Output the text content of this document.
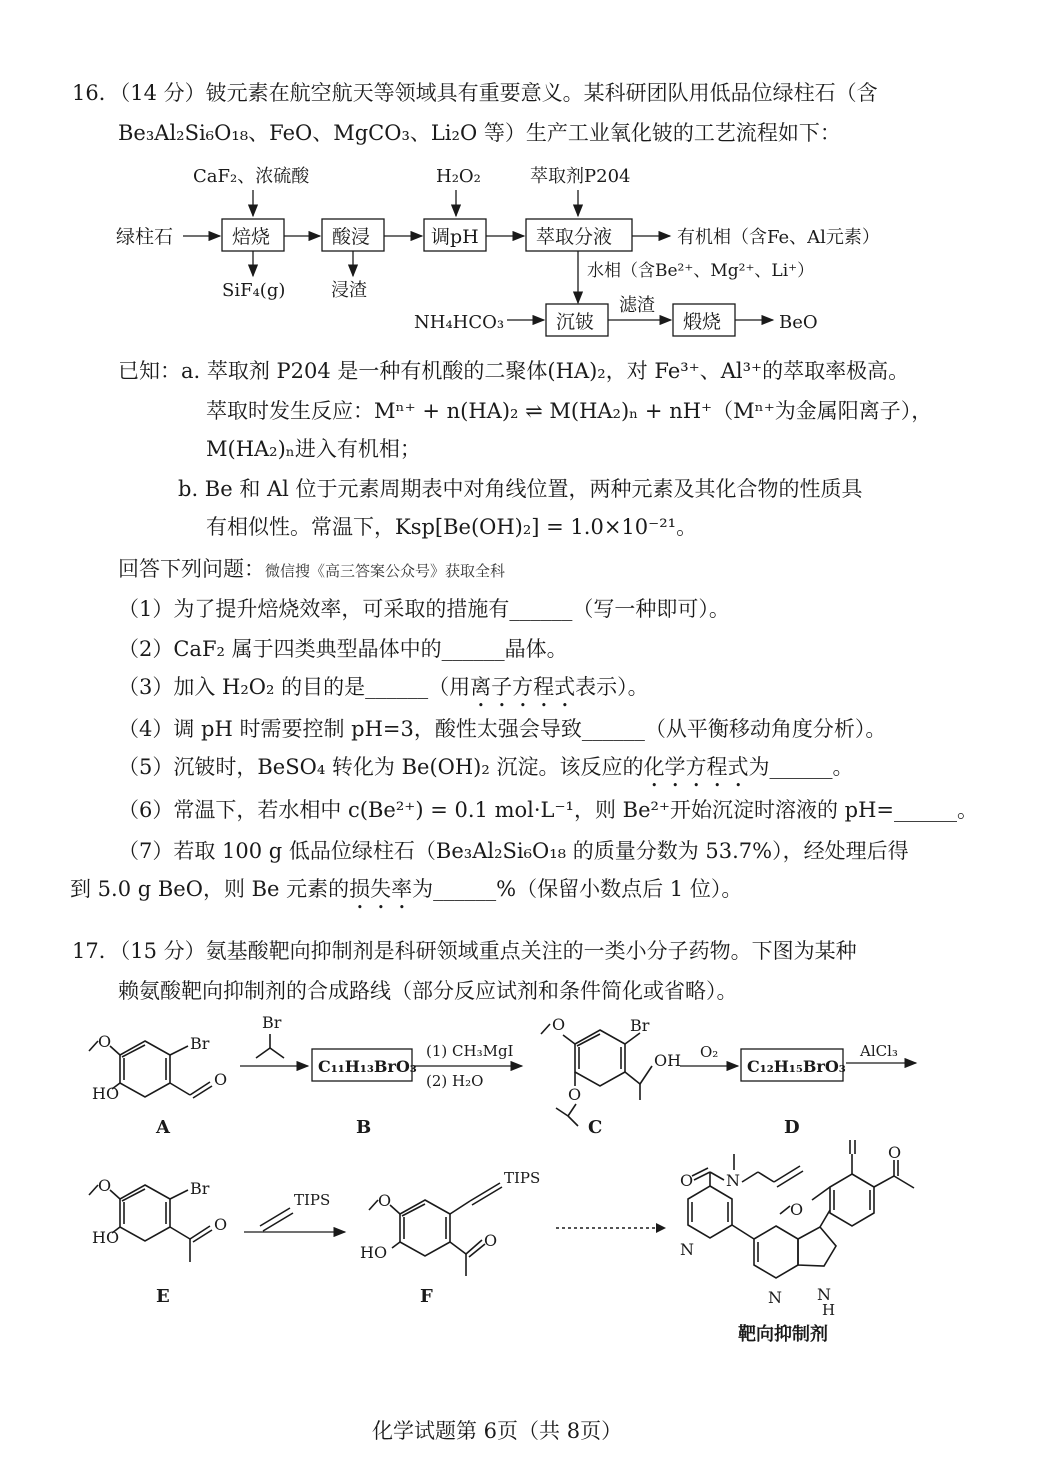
16．（14 分）铍元素在航空航天等领域具有重要意义。某科研团队用低品位绿柱石（含
Be₃Al₂Si₆O₁₈、FeO、MgCO₃、Li₂O 等）生产工业氧化铍的工艺流程如下：
CaF₂、浓硫酸	H₂O₂	萃取剂P204
绿柱石	焙烧	酸浸	调pH	萃取分液	有机相（含Fe、Al元素）
SiF₄(g)	浸渣
水相（含Be²⁺、Mg²⁺、Li⁺）
NH₄HCO₃	沉铍
滤渣
煅烧	BeO
Br
O
O
HO
A
Br
C₁₁H₁₃BrO₃
B
(1) CH₃MgI
(2) H₂O
Br
OH
O
O
C
O₂
C₁₂H₁₅BrO₃
D
AlCl₃
Br
O
O
HO
E
TIPS
TIPS
O
O
HO
F
N
O N
N N
H
O
O
靶向抑制剂
已知：a. 萃取剂 P204 是一种有机酸的二聚体(HA)₂，对 Fe³⁺、Al³⁺的萃取率极高。
萃取时发生反应：Mⁿ⁺ + n(HA)₂ ⇌ M(HA₂)ₙ + nH⁺（Mⁿ⁺为金属阳离子），
M(HA₂)ₙ进入有机相；
b. Be 和 Al 位于元素周期表中对角线位置，两种元素及其化合物的性质具
有相似性。常温下，Ksp[Be(OH)₂] = 1.0×10⁻²¹。
回答下列问题：微信搜《高三答案公众号》获取全科
（1）为了提升焙烧效率，可采取的措施有______（写一种即可）。
（2）CaF₂ 属于四类典型晶体中的______晶体。
（3）加入 H₂O₂ 的目的是______（用离子方程式表示）。
（4）调 pH 时需要控制 pH=3，酸性太强会导致______（从平衡移动角度分析）。
（5）沉铍时，BeSO₄ 转化为 Be(OH)₂ 沉淀。该反应的化学方程式为______。
（6）常温下，若水相中 c(Be²⁺) = 0.1 mol·L⁻¹，则 Be²⁺开始沉淀时溶液的 pH=______。
（7）若取 100 g 低品位绿柱石（Be₃Al₂Si₆O₁₈ 的质量分数为 53.7%），经处理后得
到 5.0 g BeO，则 Be 元素的损失率为______%（保留小数点后 1 位）。
17．（15 分）氨基酸靶向抑制剂是科研领域重点关注的一类小分子药物。下图为某种
赖氨酸靶向抑制剂的合成路线（部分反应试剂和条件简化或省略）。
化学试题第 6页（共 8页）
